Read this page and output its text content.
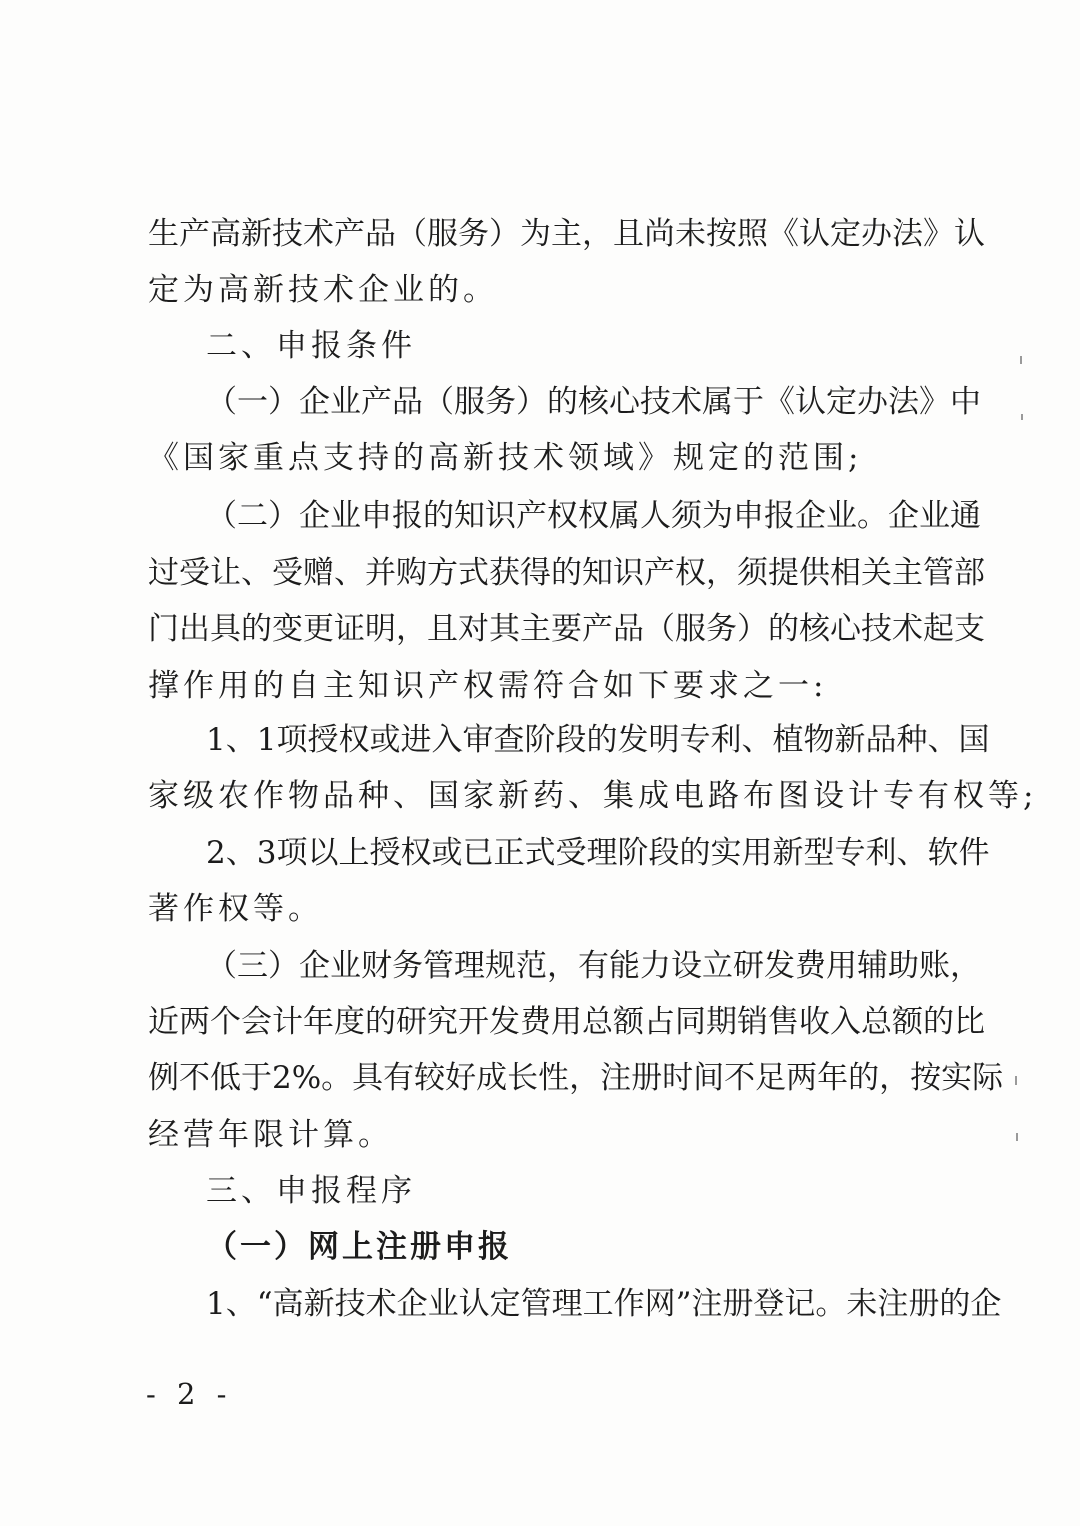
生产高新技术产品（服务）为主，且尚未按照《认定办法》认
定为高新技术企业的。
二、申报条件
（一）企业产品（服务）的核心技术属于《认定办法》中
《国家重点支持的高新技术领域》规定的范围;
（二）企业申报的知识产权权属人须为申报企业。企业通
过受让、受赠、并购方式获得的知识产权，须提供相关主管部
门出具的变更证明，且对其主要产品（服务）的核心技术起支
撑作用的自主知识产权需符合如下要求之一:
1、1项授权或进入审查阶段的发明专利、植物新品种、国
家级农作物品种、国家新药、集成电路布图设计专有权等;
2、3项以上授权或已正式受理阶段的实用新型专利、软件
著作权等。
（三）企业财务管理规范，有能力设立研发费用辅助账，
近两个会计年度的研究开发费用总额占同期销售收入总额的比
例不低于2%。具有较好成长性，注册时间不足两年的，按实际
经营年限计算。
三、申报程序
（一）网上注册申报
1、“高新技术企业认定管理工作网”注册登记。未注册的企
- 2 -
